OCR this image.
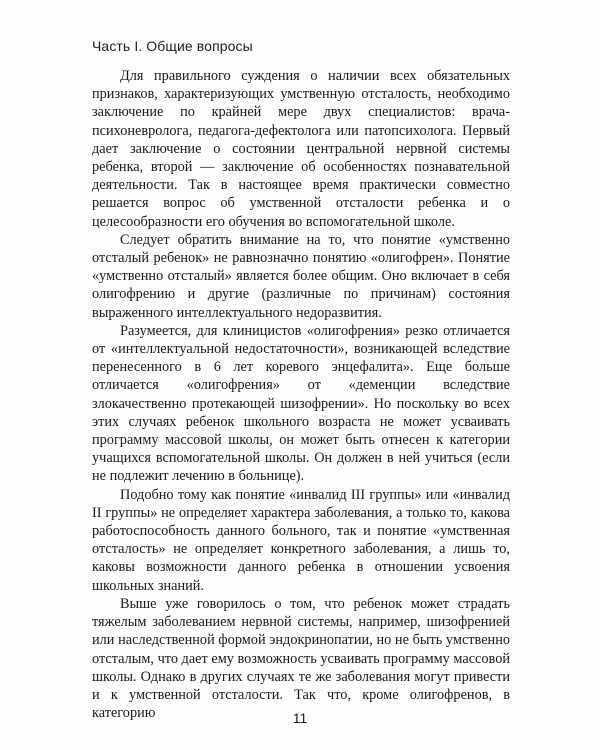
Часть I. Общие вопросы

Для правильного суждения о наличии всех обязательных признаков, характеризующих умственную отсталость, необходимо заключение по крайней мере двух специалистов: врача-психоневролога, педагога-дефектолога или патопсихолога. Первый дает заключение о состоянии центральной нервной системы ребенка, второй — заключение об особенностях познавательной деятельности. Так в настоящее время практически совместно решается вопрос об умственной отсталости ребенка и о целесообразности его обучения во вспомогательной школе.

Следует обратить внимание на то, что понятие «умственно отсталый ребенок» не равнозначно понятию «олигофрен». Понятие «умственно отсталый» является более общим. Оно включает в себя олигофрению и другие (различные по причинам) состояния выраженного интеллектуального недоразвития.

Разумеется, для клиницистов «олигофрения» резко отличается от «интеллектуальной недостаточности», возникающей вследствие перенесенного в 6 лет коревого энцефалита». Еще больше отличается «олигофрения» от «деменции вследствие злокачественно протекающей шизофрении». Но поскольку во всех этих случаях ребенок школьного возраста не может усваивать программу массовой школы, он может быть отнесен к категории учащихся вспомогательной школы. Он должен в ней учиться (если не подлежит лечению в больнице).

Подобно тому как понятие «инвалид III группы» или «инвалид II группы» не определяет характера заболевания, а только то, какова работоспособность данного больного, так и понятие «умственная отсталость» не определяет конкретного заболевания, а лишь то, каковы возможности данного ребенка в отношении усвоения школьных знаний.

Выше уже говорилось о том, что ребенок может страдать тяжелым заболеванием нервной системы, например, шизофренией или наследственной формой эндокринопатии, но не быть умственно отсталым, что дает ему возможность усваивать программу массовой школы. Однако в других случаях те же заболевания могут привести и к умственной отсталости. Так что, кроме олигофренов, в категорию	11
